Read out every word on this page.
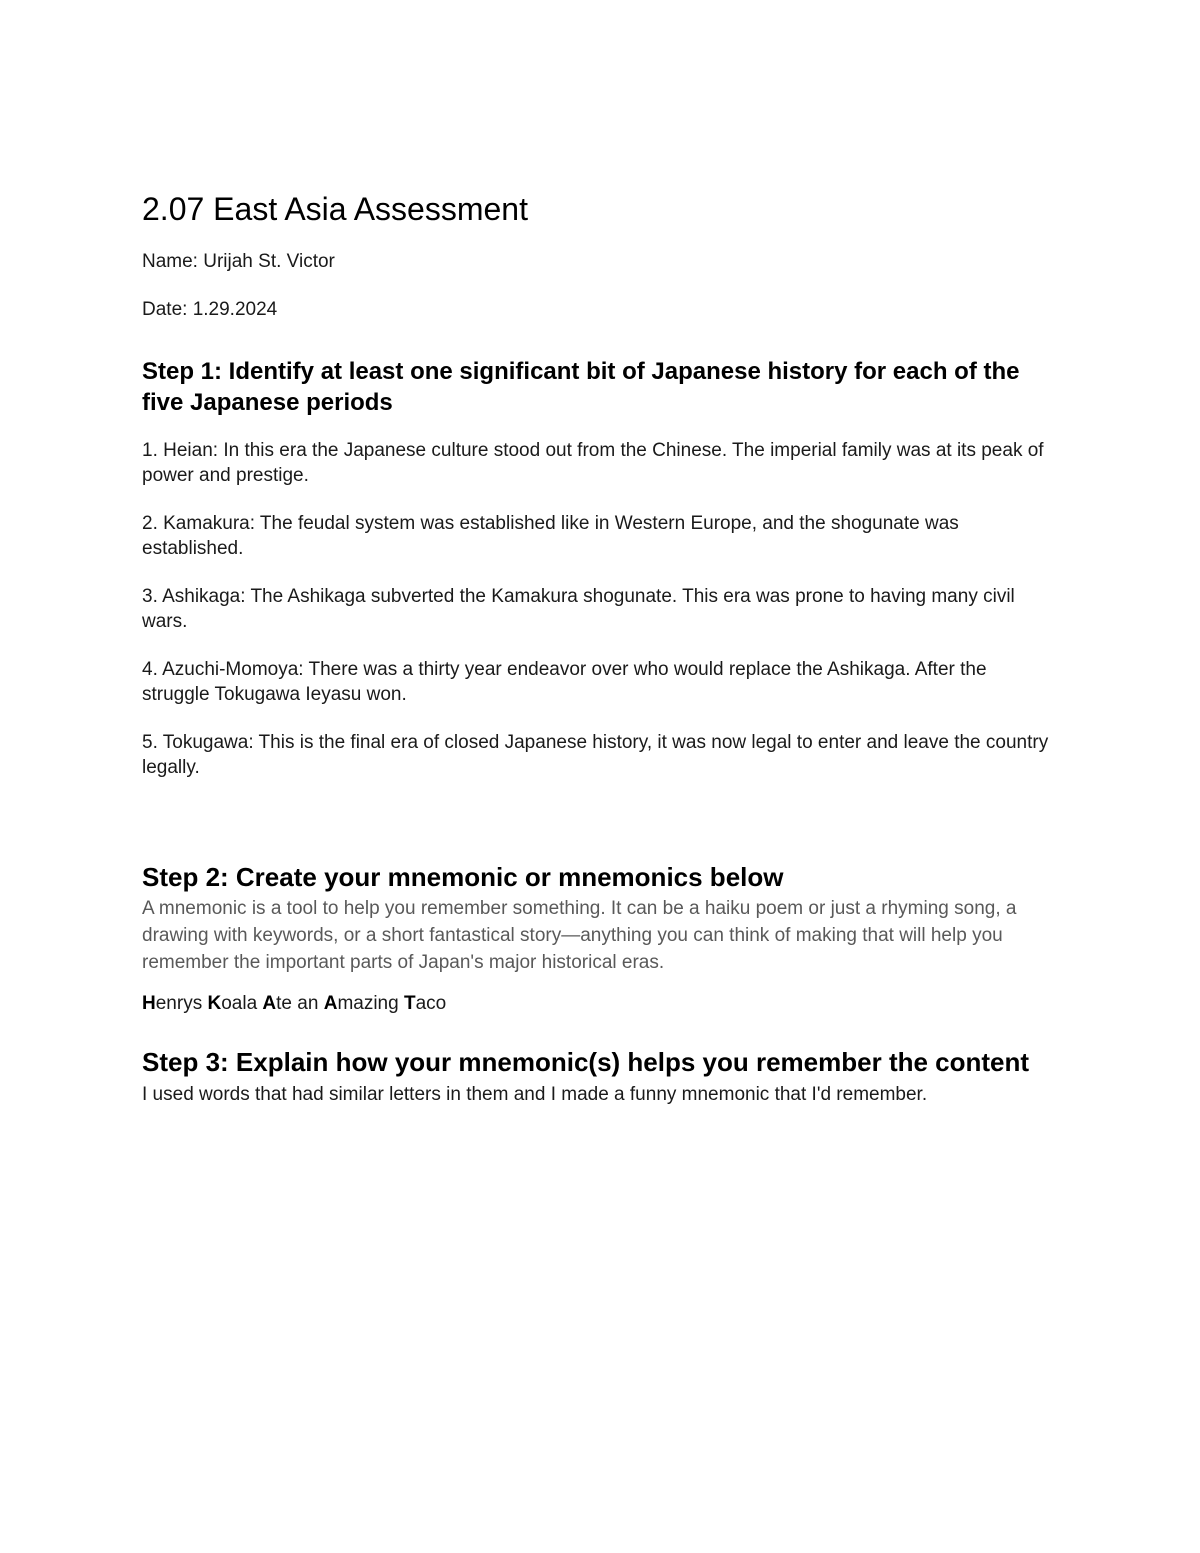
2.07 East Asia Assessment

Name: Urijah St. Victor

Date: 1.29.2024

Step 1: Identify at least one significant bit of Japanese history for each of the five Japanese periods

1. Heian: In this era the Japanese culture stood out from the Chinese. The imperial family was at its peak of power and prestige.

2. Kamakura: The feudal system was established like in Western Europe, and the shogunate was established.

3. Ashikaga: The Ashikaga subverted the Kamakura shogunate. This era was prone to having many civil wars.

4. Azuchi-Momoya: There was a thirty year endeavor over who would replace the Ashikaga. After the struggle Tokugawa Ieyasu won.

5. Tokugawa: This is the final era of closed Japanese history, it was now legal to enter and leave the country legally.

Step 2: Create your mnemonic or mnemonics below

A mnemonic is a tool to help you remember something. It can be a haiku poem or just a rhyming song, a drawing with keywords, or a short fantastical story—anything you can think of making that will help you remember the important parts of Japan's major historical eras.

Henrys Koala Ate an Amazing Taco

Step 3: Explain how your mnemonic(s) helps you remember the content

I used words that had similar letters in them and I made a funny mnemonic that I'd remember.
